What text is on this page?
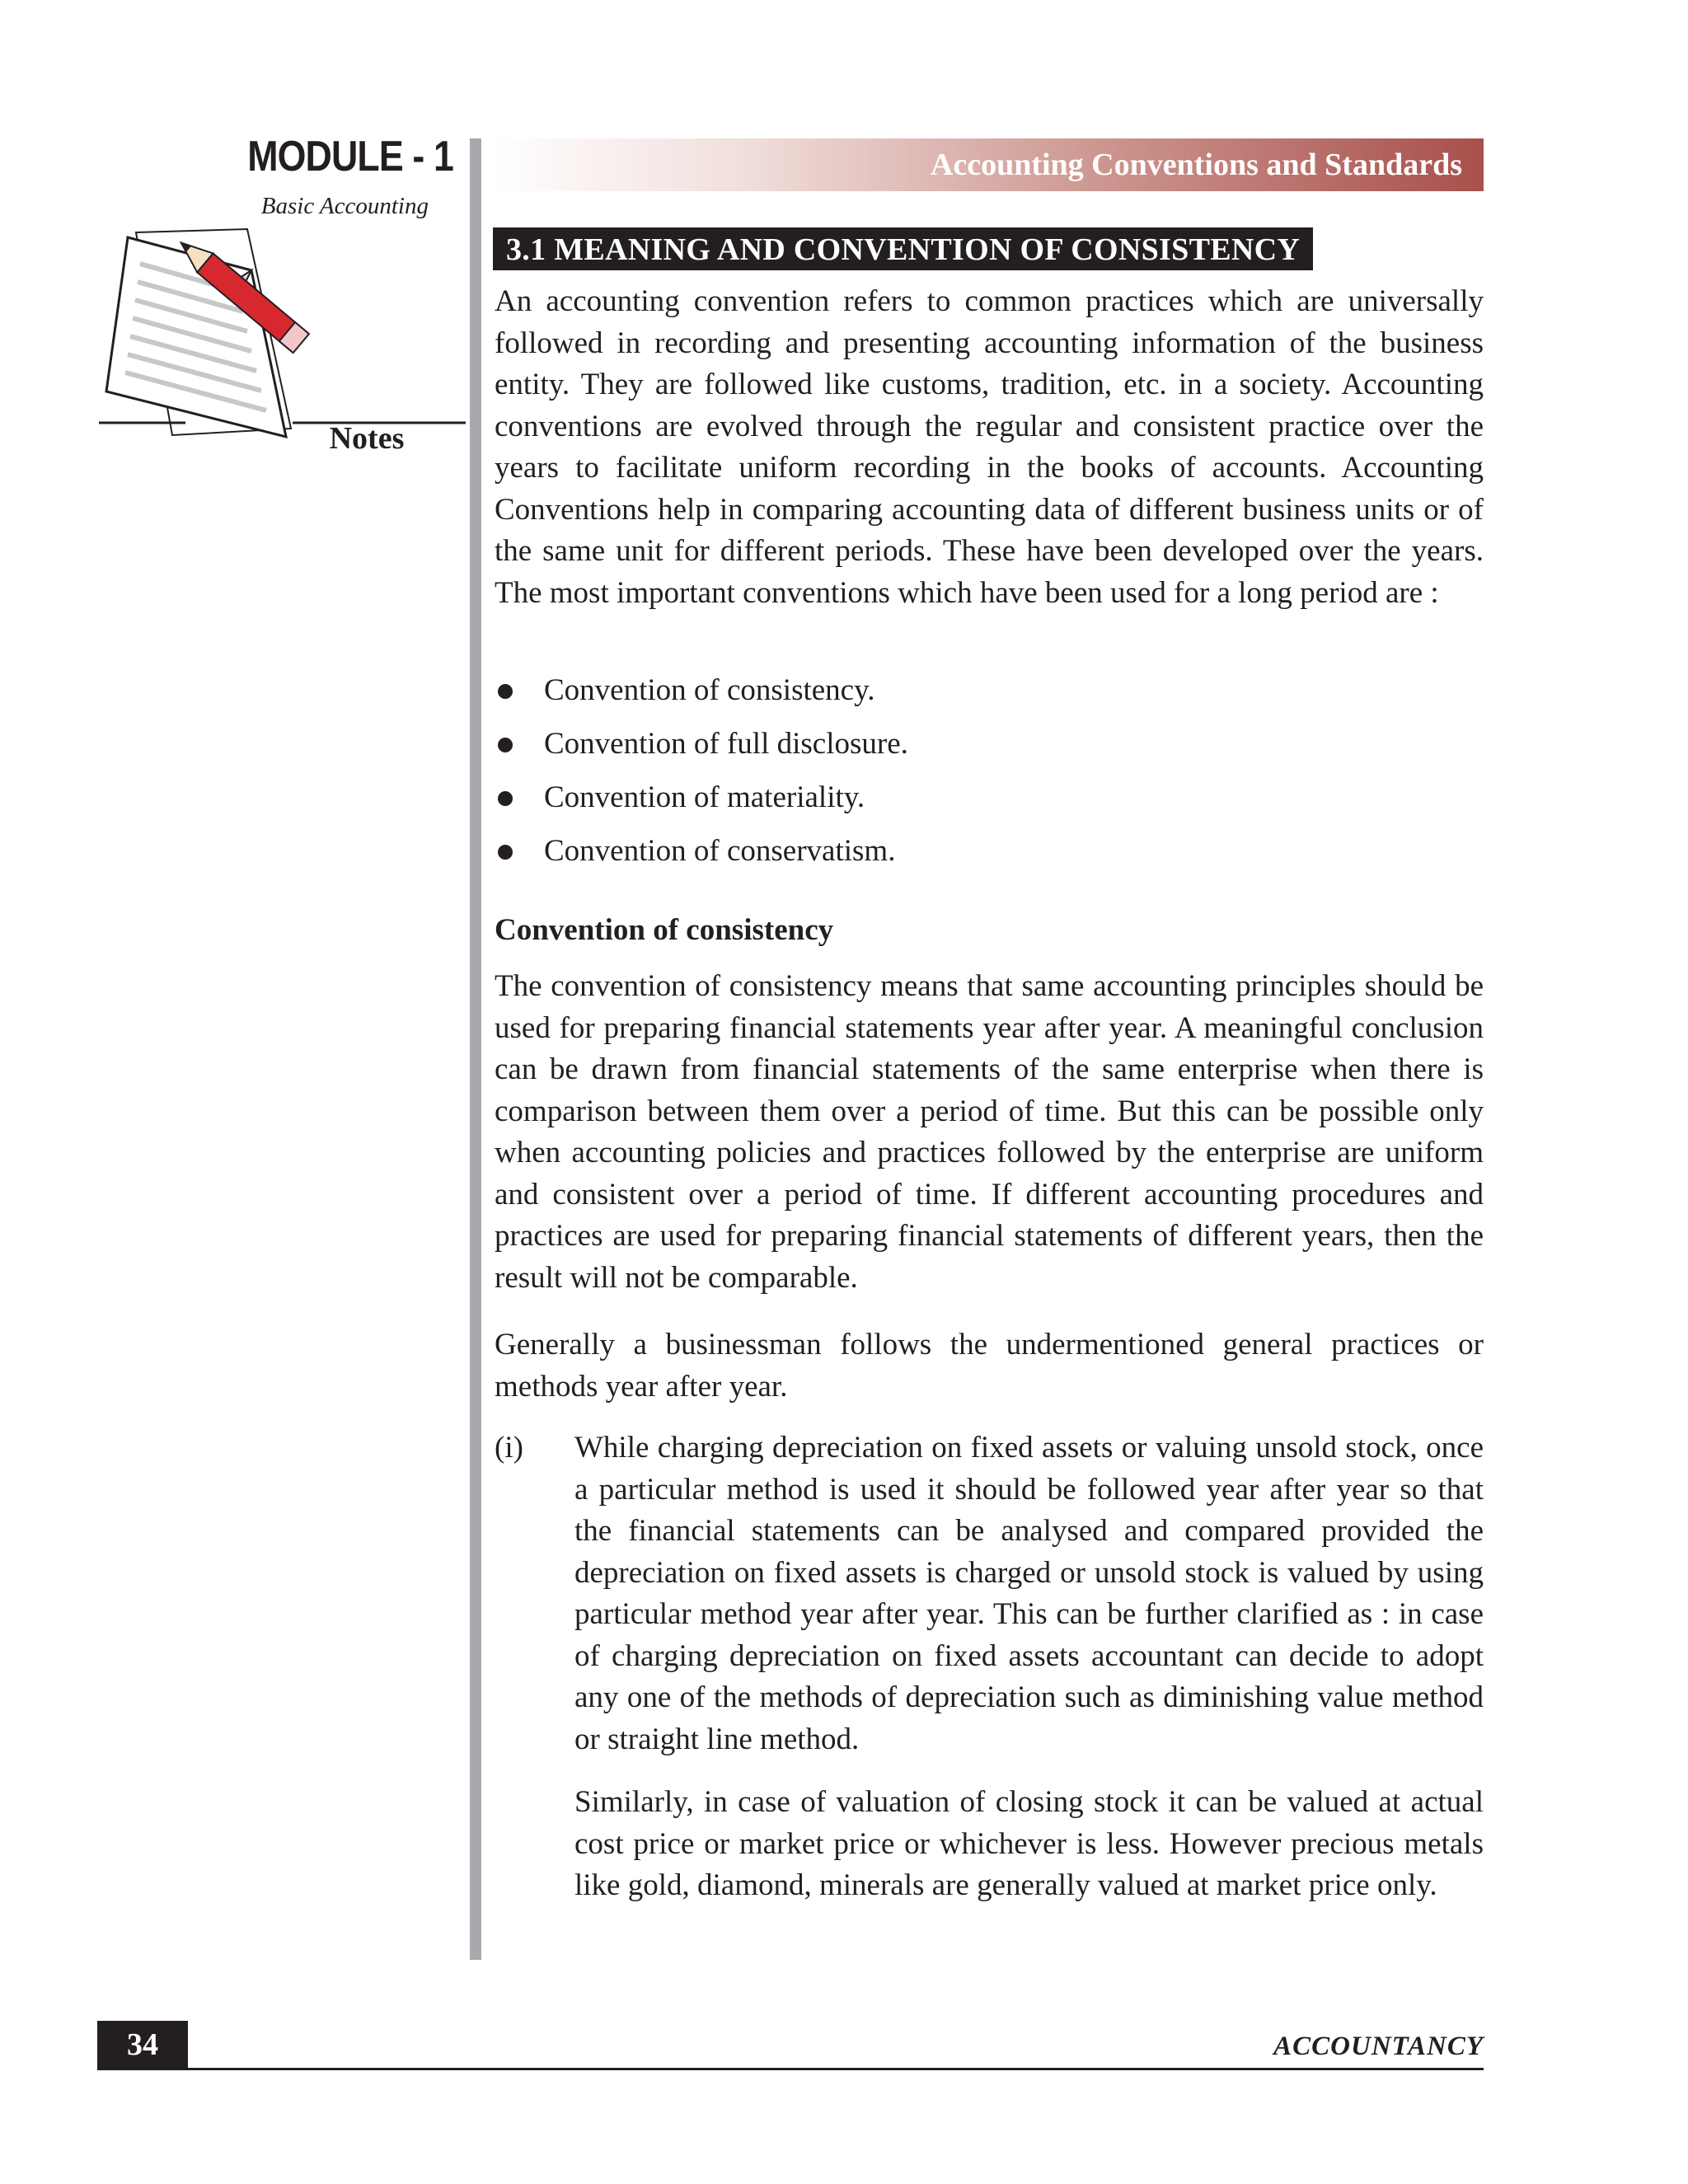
MODULE - 1
Basic Accounting
Notes
Accounting Conventions and Standards
3.1 MEANING AND CONVENTION OF CONSISTENCY
An accounting convention refers to common practices which are universally followed in recording and presenting accounting information of the business entity. They are followed like customs, tradition, etc. in a society. Accounting conventions are evolved through the regular and consistent practice over the years to facilitate uniform recording in the books of accounts. Accounting Conventions help in comparing accounting data of different business units or of the same unit for different periods. These have been developed over the years. The most important conventions which have been used for a long period are :
Convention of consistency.
Convention of full disclosure.
Convention of materiality.
Convention of conservatism.
Convention of consistency
The convention of consistency means that same accounting principles should be used for preparing financial statements year after year. A meaningful conclusion can be drawn from financial statements of the same enterprise when there is comparison between them over a period of time. But this can be possible only when accounting policies and practices followed by the enterprise are uniform and consistent over a period of time. If different accounting procedures and practices are used for preparing financial statements of different years, then the result will not be comparable.
Generally a businessman follows the undermentioned general practices or methods year after year.
(i) While charging depreciation on fixed assets or valuing unsold stock, once a particular method is used it should be followed year after year so that the financial statements can be analysed and compared provided the depreciation on fixed assets is charged or unsold stock is valued by using particular method year after year. This can be further clarified as : in case of charging depreciation on fixed assets accountant can decide to adopt any one of the methods of depreciation such as diminishing value method or straight line method.
Similarly, in case of valuation of closing stock it can be valued at actual cost price or market price or whichever is less. However precious metals like gold, diamond, minerals are generally valued at market price only.
34	ACCOUNTANCY
